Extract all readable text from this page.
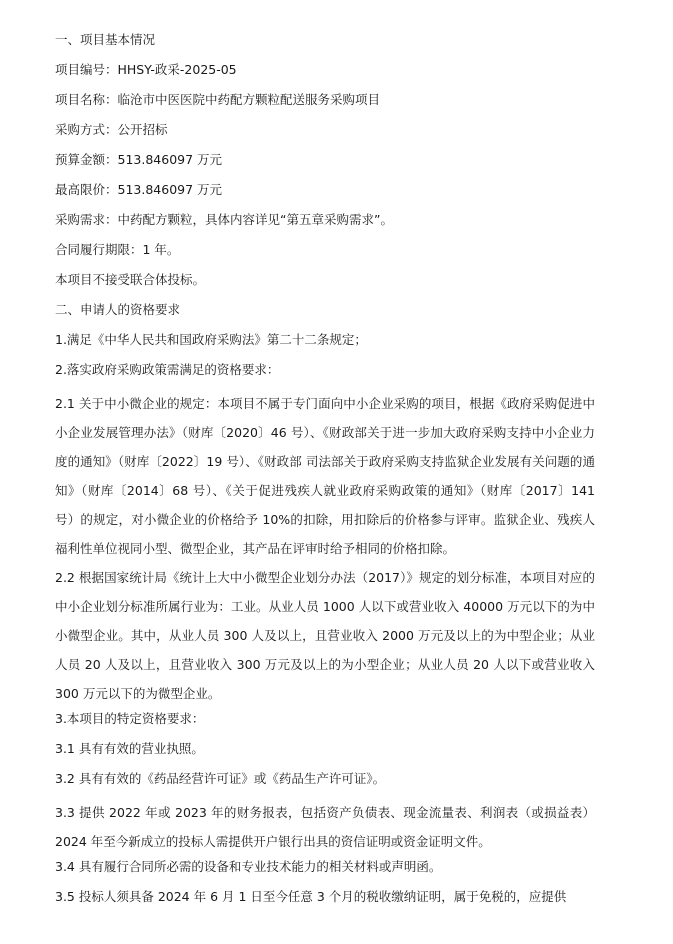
一、项目基本情况
项目编号：HHSY-政采-2025-05
项目名称：临沧市中医医院中药配方颗粒配送服务采购项目
采购方式：公开招标
预算金额：513.846097 万元
最高限价：513.846097 万元
采购需求：中药配方颗粒，具体内容详见“第五章采购需求”。
合同履行期限：1 年。
本项目不接受联合体投标。
二、申请人的资格要求
1.满足《中华人民共和国政府采购法》第二十二条规定；
2.落实政府采购政策需满足的资格要求：
2.1 关于中小微企业的规定：本项目不属于专门面向中小企业采购的项目，根据《政府采购促进中小企业发展管理办法》（财库〔2020〕46 号）、《财政部关于进一步加大政府采购支持中小企业力度的通知》（财库〔2022〕19 号）、《财政部 司法部关于政府采购支持监狱企业发展有关问题的通知》（财库〔2014〕68 号）、《关于促进残疾人就业政府采购政策的通知》（财库〔2017〕141 号）的规定，对小微企业的价格给予 10%的扣除，用扣除后的价格参与评审。监狱企业、残疾人福利性单位视同小型、微型企业，其产品在评审时给予相同的价格扣除。
2.2 根据国家统计局《统计上大中小微型企业划分办法（2017）》规定的划分标准，本项目对应的中小企业划分标准所属行业为：工业。从业人员 1000 人以下或营业收入 40000 万元以下的为中小微型企业。其中，从业人员 300 人及以上，且营业收入 2000 万元及以上的为中型企业；从业人员 20 人及以上，且营业收入 300 万元及以上的为小型企业；从业人员 20 人以下或营业收入 300 万元以下的为微型企业。
3.本项目的特定资格要求：
3.1 具有有效的营业执照。
3.2 具有有效的《药品经营许可证》或《药品生产许可证》。
3.3 提供 2022 年或 2023 年的财务报表，包括资产负债表、现金流量表、利润表（或损益表）2024 年至今新成立的投标人需提供开户银行出具的资信证明或资金证明文件。
3.4 具有履行合同所必需的设备和专业技术能力的相关材料或声明函。
3.5 投标人须具备 2024 年 6 月 1 日至今任意 3 个月的税收缴纳证明，属于免税的，应提供
